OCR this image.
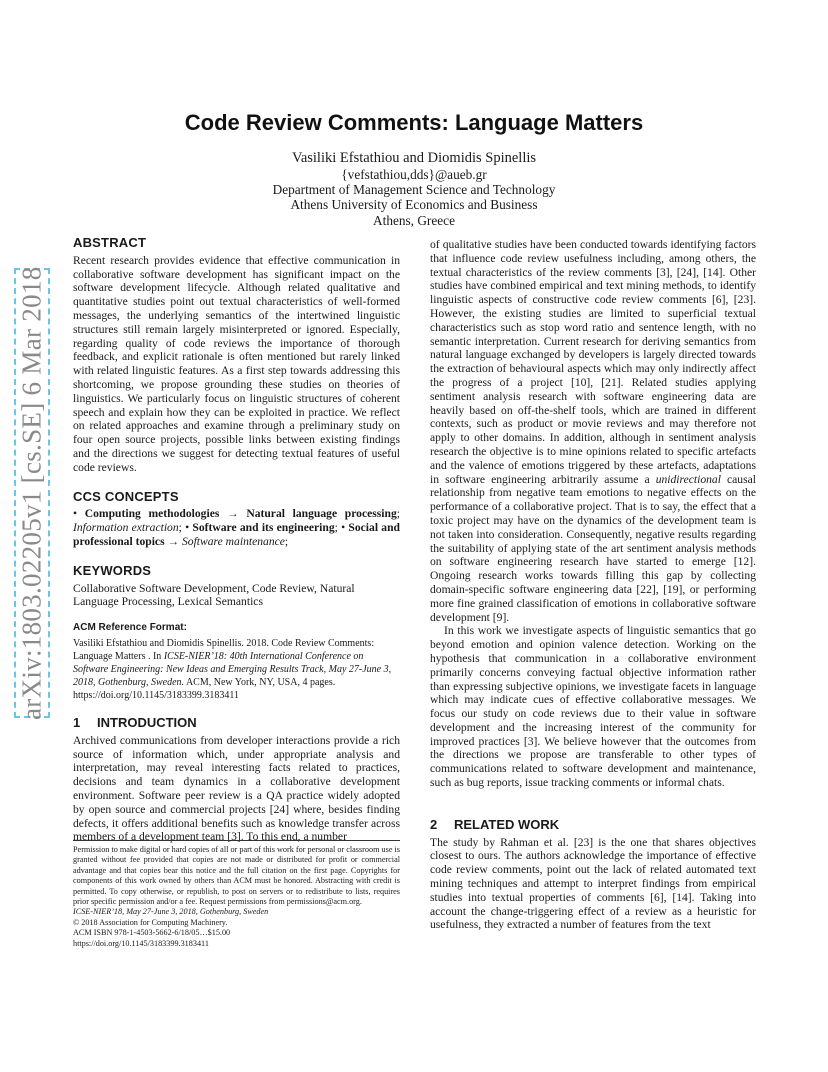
arXiv:1803.02205v1 [cs.SE] 6 Mar 2018
Code Review Comments: Language Matters
Vasiliki Efstathiou and Diomidis Spinellis
{vefstathiou,dds}@aueb.gr
Department of Management Science and Technology
Athens University of Economics and Business
Athens, Greece
ABSTRACT

Recent research provides evidence that effective communication in collaborative software development has significant impact on the software development lifecycle. Although related qualitative and quantitative studies point out textual characteristics of well-formed messages, the underlying semantics of the intertwined linguistic structures still remain largely misinterpreted or ignored. Especially, regarding quality of code reviews the importance of thorough feedback, and explicit rationale is often mentioned but rarely linked with related linguistic features. As a first step towards addressing this shortcoming, we propose grounding these studies on theories of linguistics. We particularly focus on linguistic structures of coherent speech and explain how they can be exploited in practice. We reflect on related approaches and examine through a preliminary study on four open source projects, possible links between existing findings and the directions we suggest for detecting textual features of useful code reviews.

CCS CONCEPTS

• Computing methodologies → Natural language processing; Information extraction; • Software and its engineering; • Social and professional topics → Software maintenance;

KEYWORDS

Collaborative Software Development, Code Review, Natural Language Processing, Lexical Semantics

ACM Reference Format:

Vasiliki Efstathiou and Diomidis Spinellis. 2018. Code Review Comments: Language Matters . In ICSE-NIER’18: 40th International Conference on Software Engineering: New Ideas and Emerging Results Track, May 27-June 3, 2018, Gothenburg, Sweden. ACM, New York, NY, USA, 4 pages. https://doi.org/10.1145/3183399.3183411

1 INTRODUCTION

Archived communications from developer interactions provide a rich source of information which, under appropriate analysis and interpretation, may reveal interesting facts related to practices, decisions and team dynamics in a collaborative development environment. Software peer review is a QA practice widely adopted by open source and commercial projects [24] where, besides finding defects, it offers additional benefits such as knowledge transfer across members of a development team [3]. To this end, a number

Permission to make digital or hard copies of all or part of this work for personal or classroom use is granted without fee provided that copies are not made or distributed for profit or commercial advantage and that copies bear this notice and the full citation on the first page. Copyrights for components of this work owned by others than ACM must be honored. Abstracting with credit is permitted. To copy otherwise, or republish, to post on servers or to redistribute to lists, requires prior specific permission and/or a fee. Request permissions from permissions@acm.org.
ICSE-NIER’18, May 27-June 3, 2018, Gothenburg, Sweden
© 2018 Association for Computing Machinery.
ACM ISBN 978-1-4503-5662-6/18/05…$15.00
https://doi.org/10.1145/3183399.3183411

of qualitative studies have been conducted towards identifying factors that influence code review usefulness including, among others, the textual characteristics of the review comments [3], [24], [14]. Other studies have combined empirical and text mining methods, to identify linguistic aspects of constructive code review comments [6], [23]. However, the existing studies are limited to superficial textual characteristics such as stop word ratio and sentence length, with no semantic interpretation. Current research for deriving semantics from natural language exchanged by developers is largely directed towards the extraction of behavioural aspects which may only indirectly affect the progress of a project [10], [21]. Related studies applying sentiment analysis research with software engineering data are heavily based on off-the-shelf tools, which are trained in different contexts, such as product or movie reviews and may therefore not apply to other domains. In addition, although in sentiment analysis research the objective is to mine opinions related to specific artefacts and the valence of emotions triggered by these artefacts, adaptations in software engineering arbitrarily assume a unidirectional causal relationship from negative team emotions to negative effects on the performance of a collaborative project. That is to say, the effect that a toxic project may have on the dynamics of the development team is not taken into consideration. Consequently, negative results regarding the suitability of applying state of the art sentiment analysis methods on software engineering research have started to emerge [12]. Ongoing research works towards filling this gap by collecting domain-specific software engineering data [22], [19], or performing more fine grained classification of emotions in collaborative software development [9].

In this work we investigate aspects of linguistic semantics that go beyond emotion and opinion valence detection. Working on the hypothesis that communication in a collaborative environment primarily concerns conveying factual objective information rather than expressing subjective opinions, we investigate facets in language which may indicate cues of effective collaborative messages. We focus our study on code reviews due to their value in software development and the increasing interest of the community for improved practices [3]. We believe however that the outcomes from the directions we propose are transferable to other types of communications related to software development and maintenance, such as bug reports, issue tracking comments or informal chats.

2 RELATED WORK

The study by Rahman et al. [23] is the one that shares objectives closest to ours. The authors acknowledge the importance of effective code review comments, point out the lack of related automated text mining techniques and attempt to interpret findings from empirical studies into textual properties of comments [6], [14]. Taking into account the change-triggering effect of a review as a heuristic for usefulness, they extracted a number of features from the text
